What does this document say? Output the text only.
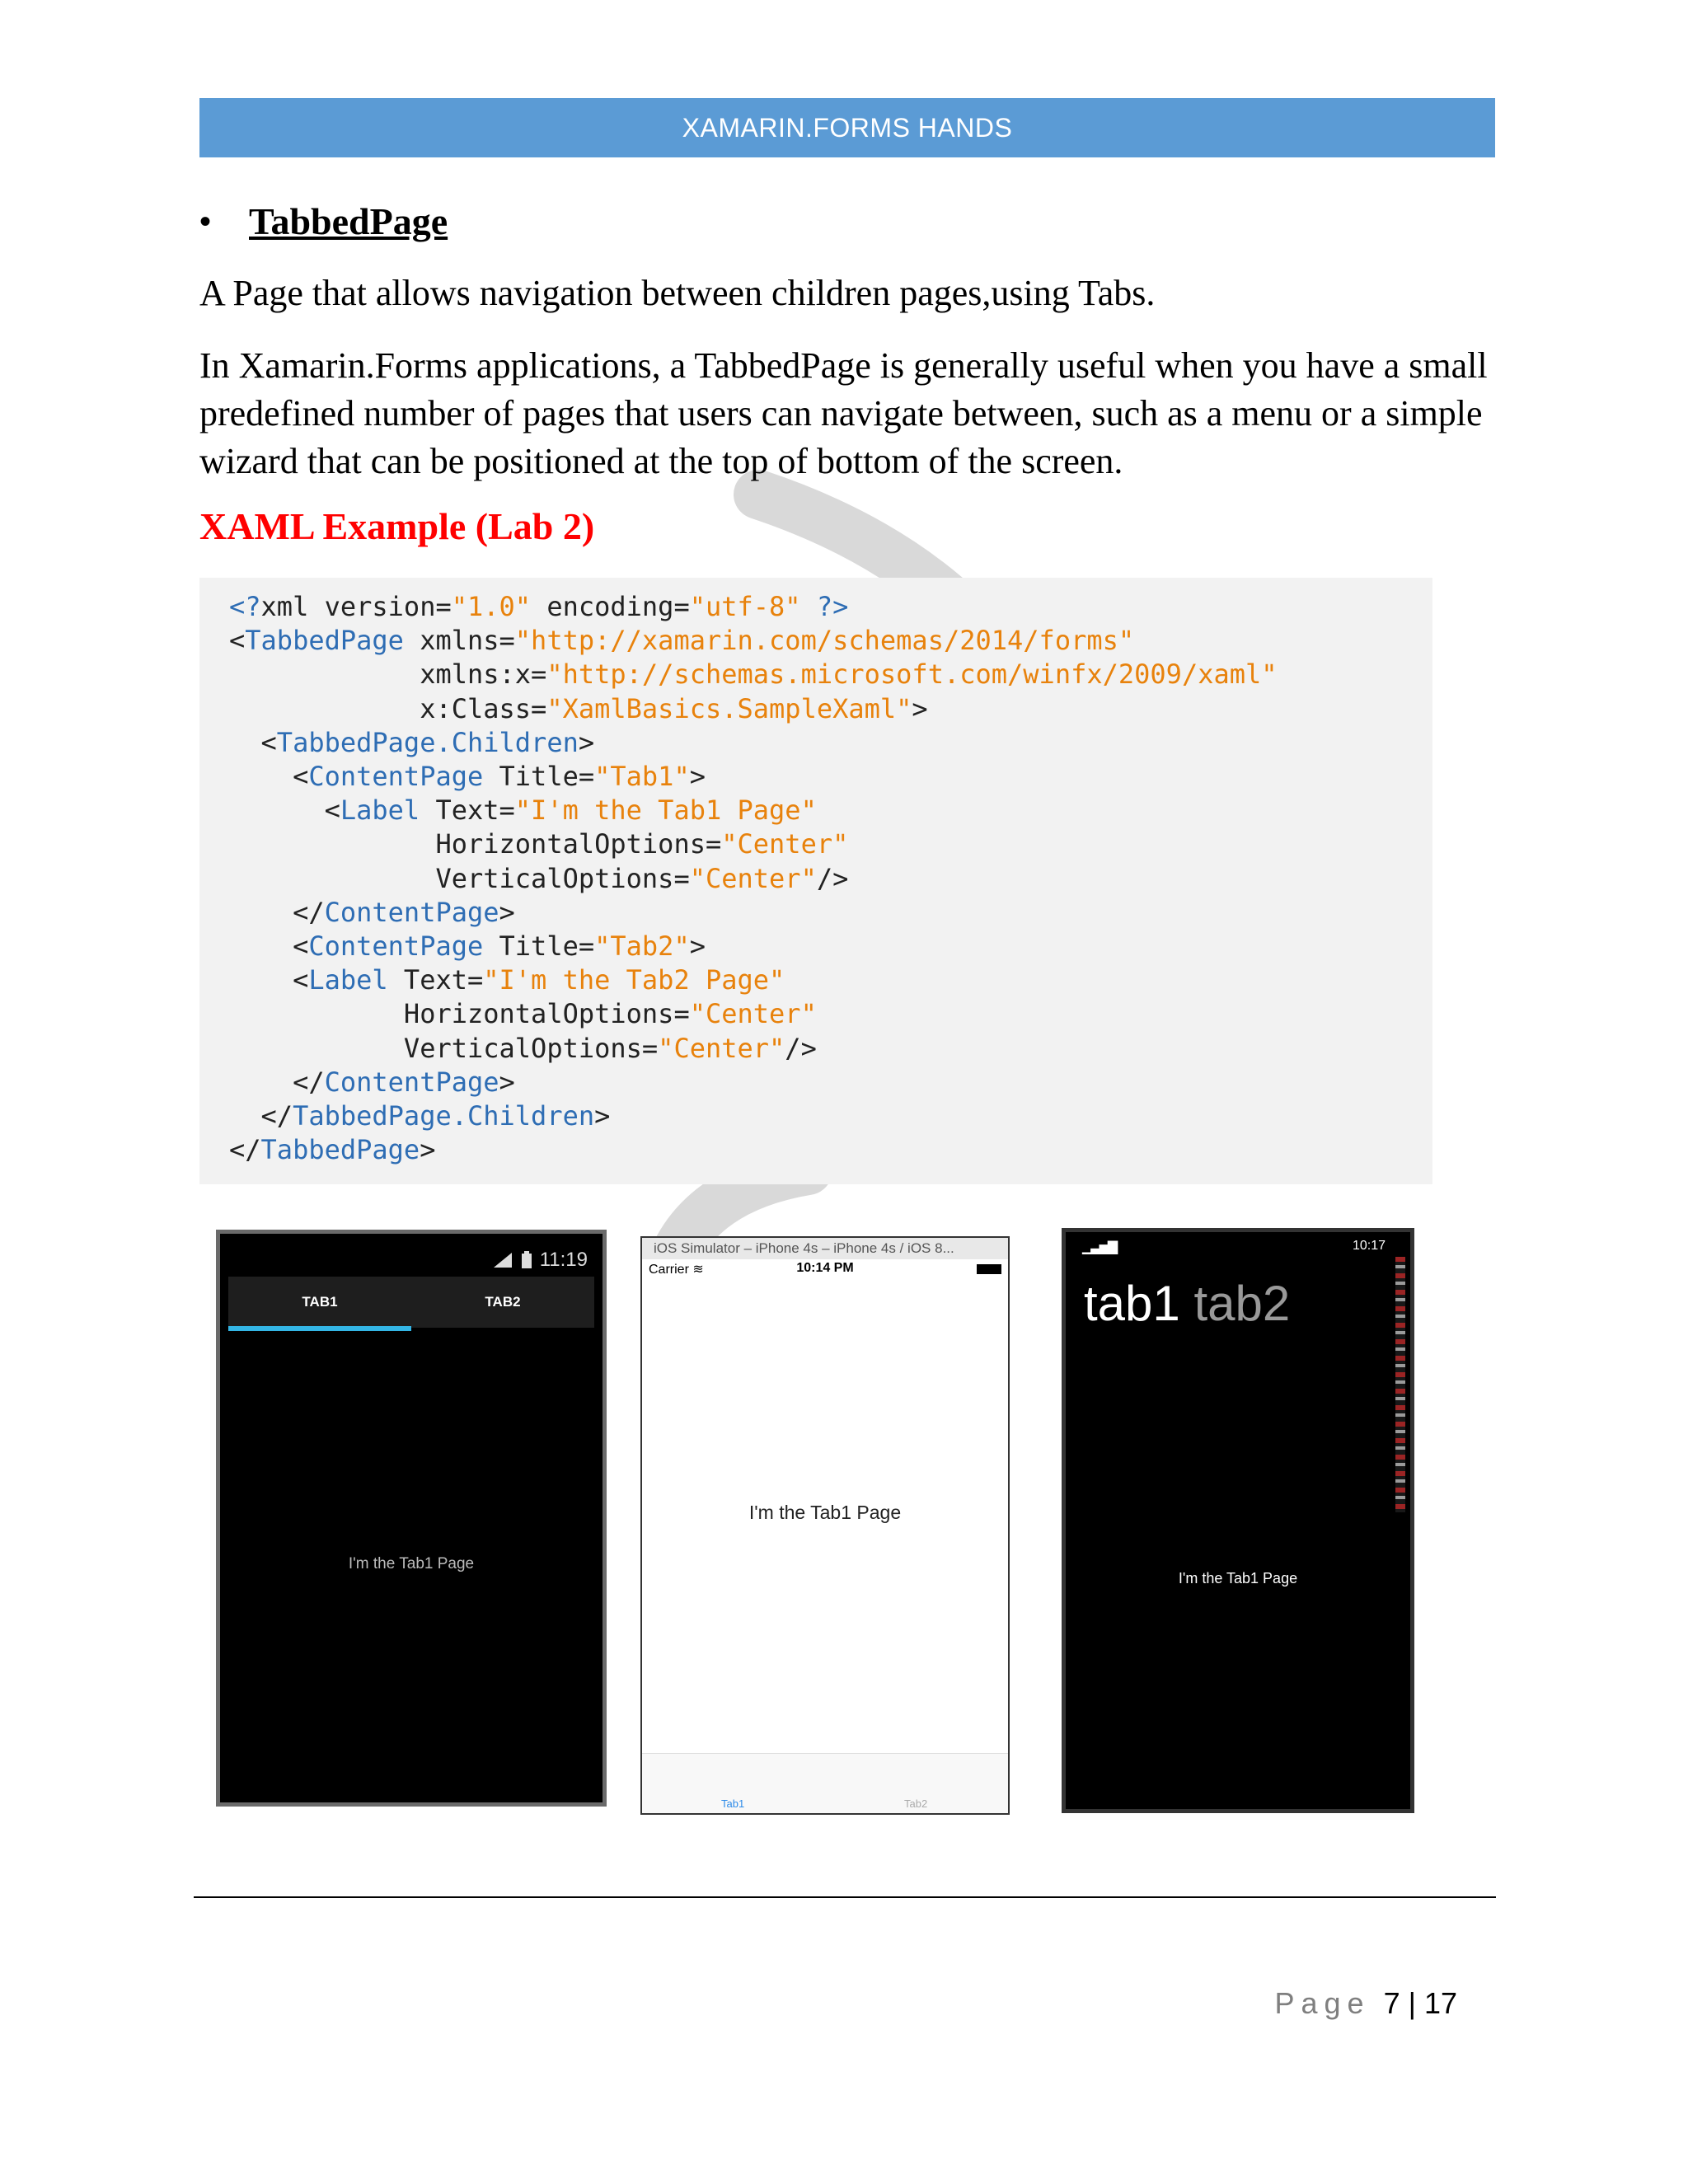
XAMARIN.FORMS HANDS
• TabbedPage
A Page that allows navigation between children pages,using Tabs.
In Xamarin.Forms applications, a TabbedPage is generally useful when you have a small predefined number of pages that users can navigate between, such as a menu or a simple wizard that can be positioned at the top of bottom of the screen.
XAML Example (Lab 2)
<?xml version="1.0" encoding="utf-8" ?>
<TabbedPage xmlns="http://xamarin.com/schemas/2014/forms"
xmlns:x="http://schemas.microsoft.com/winfx/2009/xaml"
x:Class="XamlBasics.SampleXaml">
<TabbedPage.Children>
<ContentPage Title="Tab1">
<Label Text="I'm the Tab1 Page"
HorizontalOptions="Center"
VerticalOptions="Center"/>
</ContentPage>
<ContentPage Title="Tab2">
<Label Text="I'm the Tab2 Page"
HorizontalOptions="Center"
VerticalOptions="Center"/>
</ContentPage>
</TabbedPage.Children>
</TabbedPage>
11:19
TAB1	TAB2
I'm the Tab1 Page
iOS Simulator – iPhone 4s – iPhone 4s / iOS 8...
Carrier ≋	10:14 PM
I'm the Tab1 Page
Tab1	Tab2
▁▃▅▇	10:17
tab1 tab2
I'm the Tab1 Page
Page 7 | 17
